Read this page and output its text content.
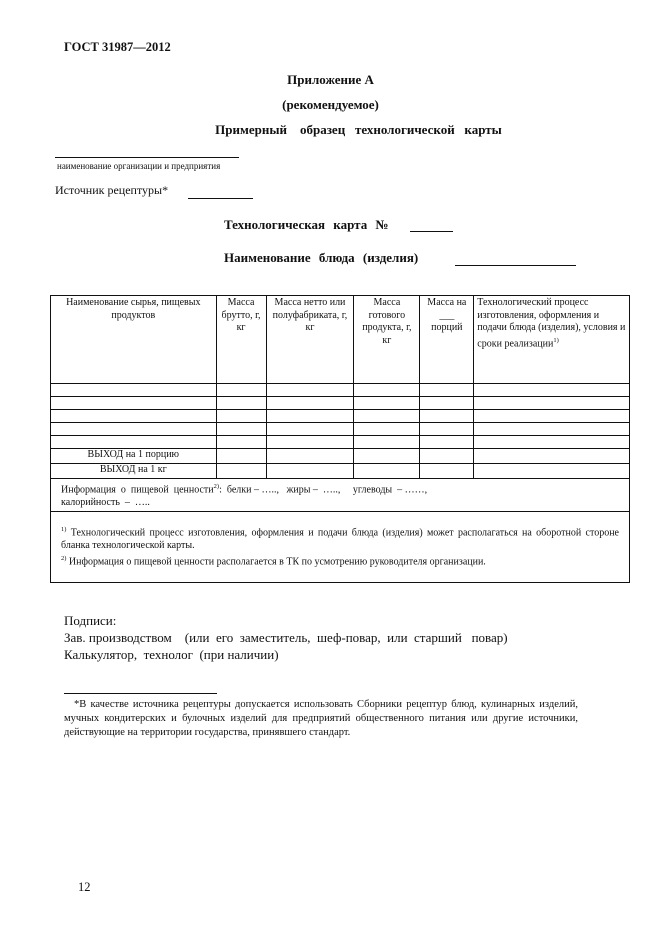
ГОСТ 31987—2012
Приложение А
(рекомендуемое)
Примерный    образец   технологической   карты
наименование организации и предприятия
Источник рецептуры*
Технологическая карта №
Наименование блюда (изделия)
Наименование сырья, пищевых продуктов	Масса брутто, г, кг	Масса нетто или полуфабриката, г, кг	Масса готового продукта, г, кг	Масса на ___ порций	Технологический процесс изготовления, оформления и подачи блюда (изделия), условия и сроки реализации$^{1)}$

ВЫХОД на 1 порцию					
ВЫХОД на 1 кг					
Информация  о  пищевой  ценности$^{2)}$:  белки – …..,   жиры –  …..,     углеводы  – ……,
калорийность  –  …..					

$^{1)}$ Технологический процесс изготовления, оформления и подачи блюда (изделия) может располагаться на оборотной стороне бланка технологической карты.
$^{2)}$ Информация о пищевой ценности располагается в ТК по усмотрению руководителя организации.					
Подписи:
Зав. производством    (или  его  заместитель,  шеф-повар,  или  старший   повар)
Калькулятор,  технолог  (при наличии)
*В качестве источника рецептуры допускается использовать Сборники рецептур блюд, кулинарных изделий, мучных кондитерских и булочных изделий для предприятий общественного питания или другие источники, действующие на территории государства, принявшего стандарт.
12
